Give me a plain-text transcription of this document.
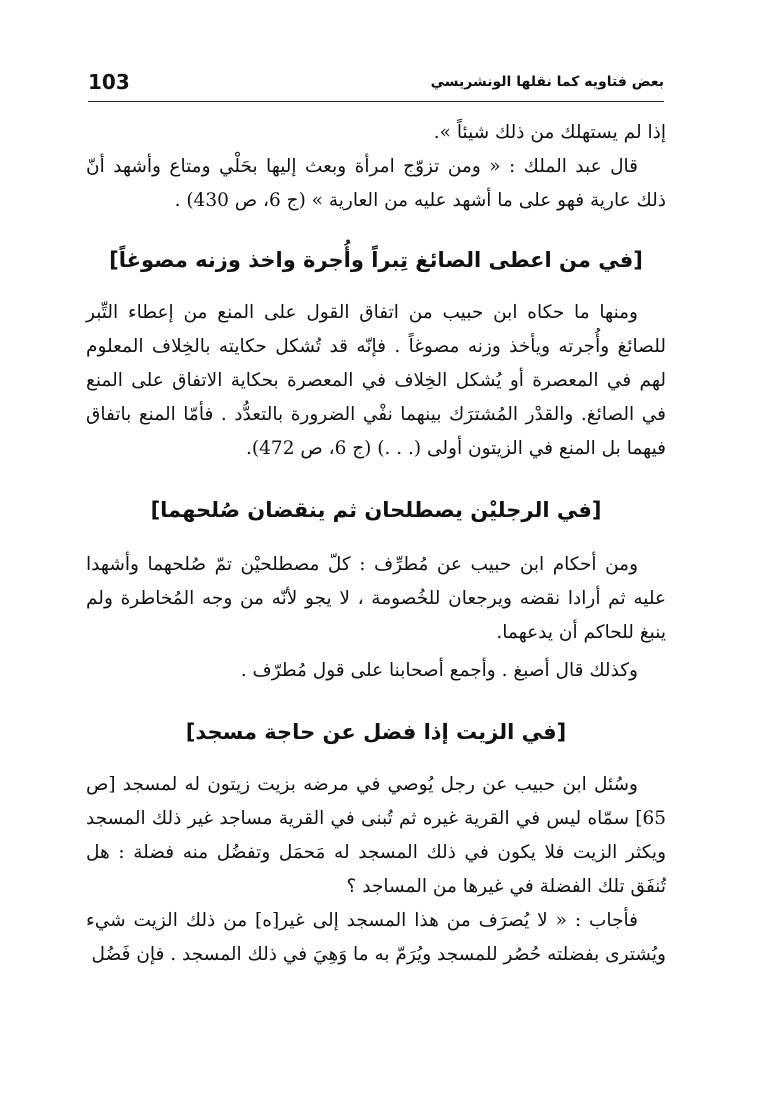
103	بعض فتاويه كما نقلها الونشريسي

إذا لم يستهلك من ذلك شيئاً ».

قال عبد الملك : « ومن تزوّج امرأة وبعث إليها بحَلْي ومتاع وأشهد أنّ ذلك عارية فهو على ما أشهد عليه من العارية » (ج 6، ص 430) .

[في من اعطى الصائغ تِبراً وأُجرة واخذ وزنه مصوغاً]

ومنها ما حكاه ابن حبيب من اتفاق القول على المنع من إعطاء التِّبر للصائغ وأُجرته ويأخذ وزنه مصوغاً . فإنّه قد تُشكل حكايته بالخِلاف المعلوم لهم في المعصرة أو يُشكل الخِلاف في المعصرة بحكاية الاتفاق على المنع في الصائغ. والقدْر المُشترَك بينهما نفْي الضرورة بالتعدُّد . فأمّا المنع باتفاق فيهما بل المنع في الزيتون أولى (. . .) (ج 6، ص 472).

[في الرجليْن يصطلحان ثم ينقضان صُلحهما]

ومن أحكام ابن حبيب عن مُطرِّف : كلّ مصطلحيْن تمّ صُلحهما وأشهدا عليه ثم أرادا نقضه ويرجعان للخُصومة ، لا يجو لأنّه من وجه المُخاطرة ولم ينبغ للحاكم أن يدعهما.

وكذلك قال أصبغ . وأجمع أصحابنا على قول مُطرّف .

[في الزيت إذا فضل عن حاجة مسجد]

وسُئل ابن حبيب عن رجل يُوصي في مرضه بزيت زيتون له لمسجد [ص 65] سمّاه ليس في القرية غيره ثم تُبنى في القرية مساجد غير ذلك المسجد ويكثر الزيت فلا يكون في ذلك المسجد له مَحمَل وتفضُل منه فضلة : هل تُنفَق تلك الفضلة في غيرها من المساجد ؟

فأجاب : « لا يُصرَف من هذا المسجد إلى غير[ه] من ذلك الزيت شيء ويُشترى بفضلته حُصُر للمسجد ويُرَمّ به ما وَهِيَ في ذلك المسجد . فإن فَضُل
